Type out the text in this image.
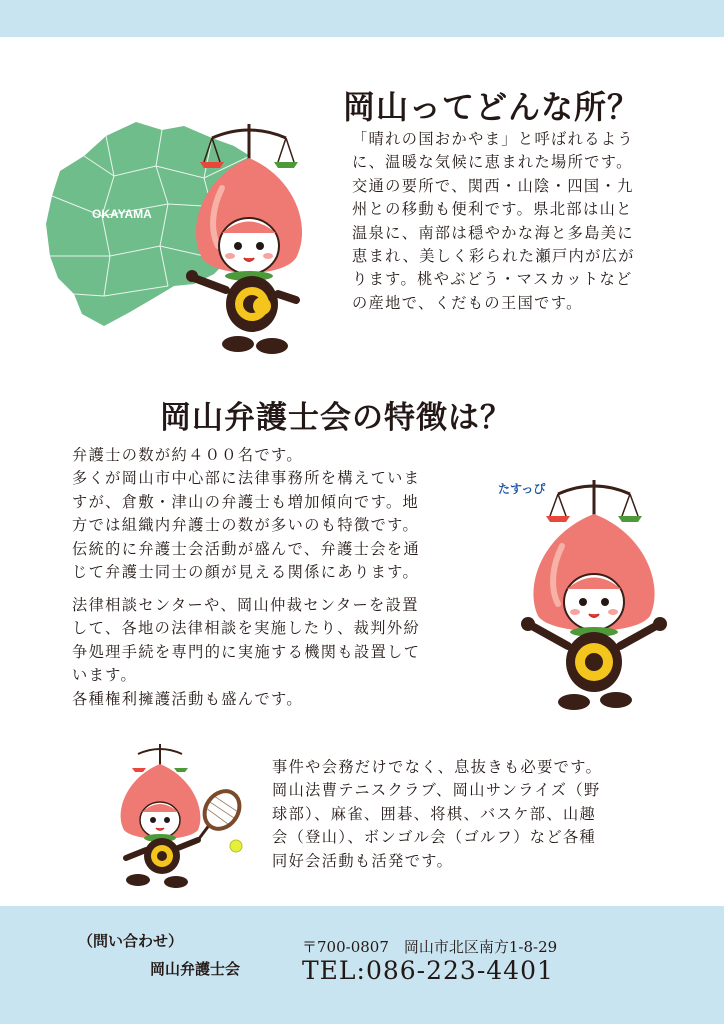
OKAYAMA
岡山ってどんな所？
「晴れの国おかやま」と呼ばれるよう
に、温暖な気候に恵まれた場所です。
交通の要所で、関西・山陰・四国・九
州との移動も便利です。県北部は山と
温泉に、南部は穏やかな海と多島美に
恵まれ、美しく彩られた瀬戸内が広が
ります。桃やぶどう・マスカットなど
の産地で、くだもの王国です。
岡山弁護士会の特徴は？
弁護士の数が約４００名です。
多くが岡山市中心部に法律事務所を構えていま
すが、倉敷・津山の弁護士も増加傾向です。地
方では組織内弁護士の数が多いのも特徴です。
伝統的に弁護士会活動が盛んで、弁護士会を通
じて弁護士同士の顔が見える関係にあります。
法律相談センターや、岡山仲裁センターを設置
して、各地の法律相談を実施したり、裁判外紛
争処理手続を専門的に実施する機関も設置して
います。
各種権利擁護活動も盛んです。
たすっぴ
事件や会務だけでなく、息抜きも必要です。
岡山法曹テニスクラブ、岡山サンライズ（野
球部）、麻雀、囲碁、将棋、バスケ部、山趣
会（登山）、ボンゴル会（ゴルフ）など各種
同好会活動も活発です。
（問い合わせ）
岡山弁護士会
〒700-0807　岡山市北区南方1-8-29
TEL:086-223-4401
